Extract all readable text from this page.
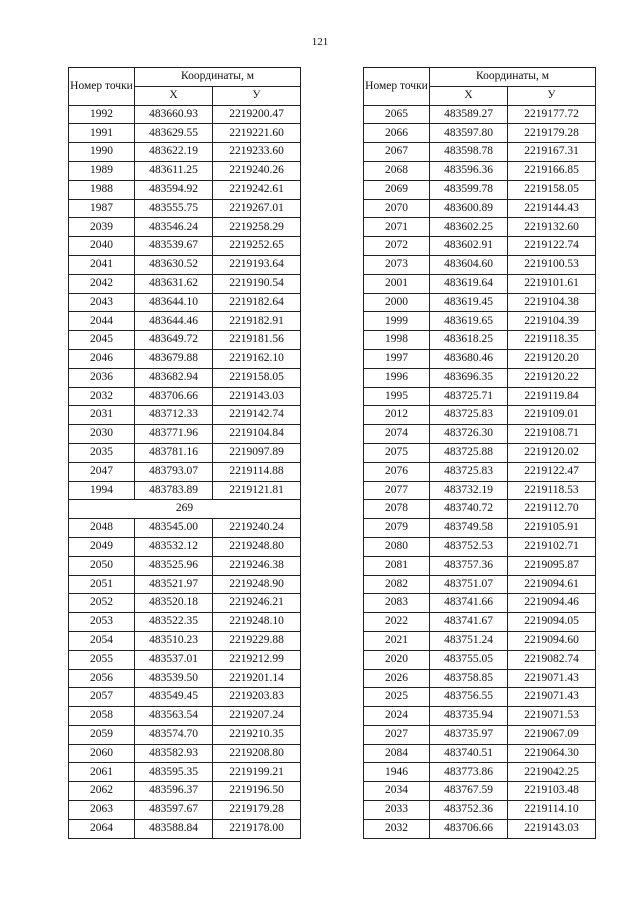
121
Номер точки	Координаты, м	
	X	У
1992	483660.93	2219200.47
1991	483629.55	2219221.60
1990	483622.19	2219233.60
1989	483611.25	2219240.26
1988	483594.92	2219242.61
1987	483555.75	2219267.01
2039	483546.24	2219258.29
2040	483539.67	2219252.65
2041	483630.52	2219193.64
2042	483631.62	2219190.54
2043	483644.10	2219182.64
2044	483644.46	2219182.91
2045	483649.72	2219181.56
2046	483679.88	2219162.10
2036	483682.94	2219158.05
2032	483706.66	2219143.03
2031	483712.33	2219142.74
2030	483771.96	2219104.84
2035	483781.16	2219097.89
2047	483793.07	2219114.88
1994	483783.89	2219121.81
269		
2048	483545.00	2219240.24
2049	483532.12	2219248.80
2050	483525.96	2219246.38
2051	483521.97	2219248.90
2052	483520.18	2219246.21
2053	483522.35	2219248.10
2054	483510.23	2219229.88
2055	483537.01	2219212.99
2056	483539.50	2219201.14
2057	483549.45	2219203.83
2058	483563.54	2219207.24
2059	483574.70	2219210.35
2060	483582.93	2219208.80
2061	483595.35	2219199.21
2062	483596.37	2219196.50
2063	483597.67	2219179.28
2064	483588.84	2219178.00
Номер точки	Координаты, м	
	X	У
2065	483589.27	2219177.72
2066	483597.80	2219179.28
2067	483598.78	2219167.31
2068	483596.36	2219166.85
2069	483599.78	2219158.05
2070	483600.89	2219144.43
2071	483602.25	2219132.60
2072	483602.91	2219122.74
2073	483604.60	2219100.53
2001	483619.64	2219101.61
2000	483619.45	2219104.38
1999	483619.65	2219104.39
1998	483618.25	2219118.35
1997	483680.46	2219120.20
1996	483696.35	2219120.22
1995	483725.71	2219119.84
2012	483725.83	2219109.01
2074	483726.30	2219108.71
2075	483725.88	2219120.02
2076	483725.83	2219122.47
2077	483732.19	2219118.53
2078	483740.72	2219112.70
2079	483749.58	2219105.91
2080	483752.53	2219102.71
2081	483757.36	2219095.87
2082	483751.07	2219094.61
2083	483741.66	2219094.46
2022	483741.67	2219094.05
2021	483751.24	2219094.60
2020	483755.05	2219082.74
2026	483758.85	2219071.43
2025	483756.55	2219071.43
2024	483735.94	2219071.53
2027	483735.97	2219067.09
2084	483740.51	2219064.30
1946	483773.86	2219042.25
2034	483767.59	2219103.48
2033	483752.36	2219114.10
2032	483706.66	2219143.03
